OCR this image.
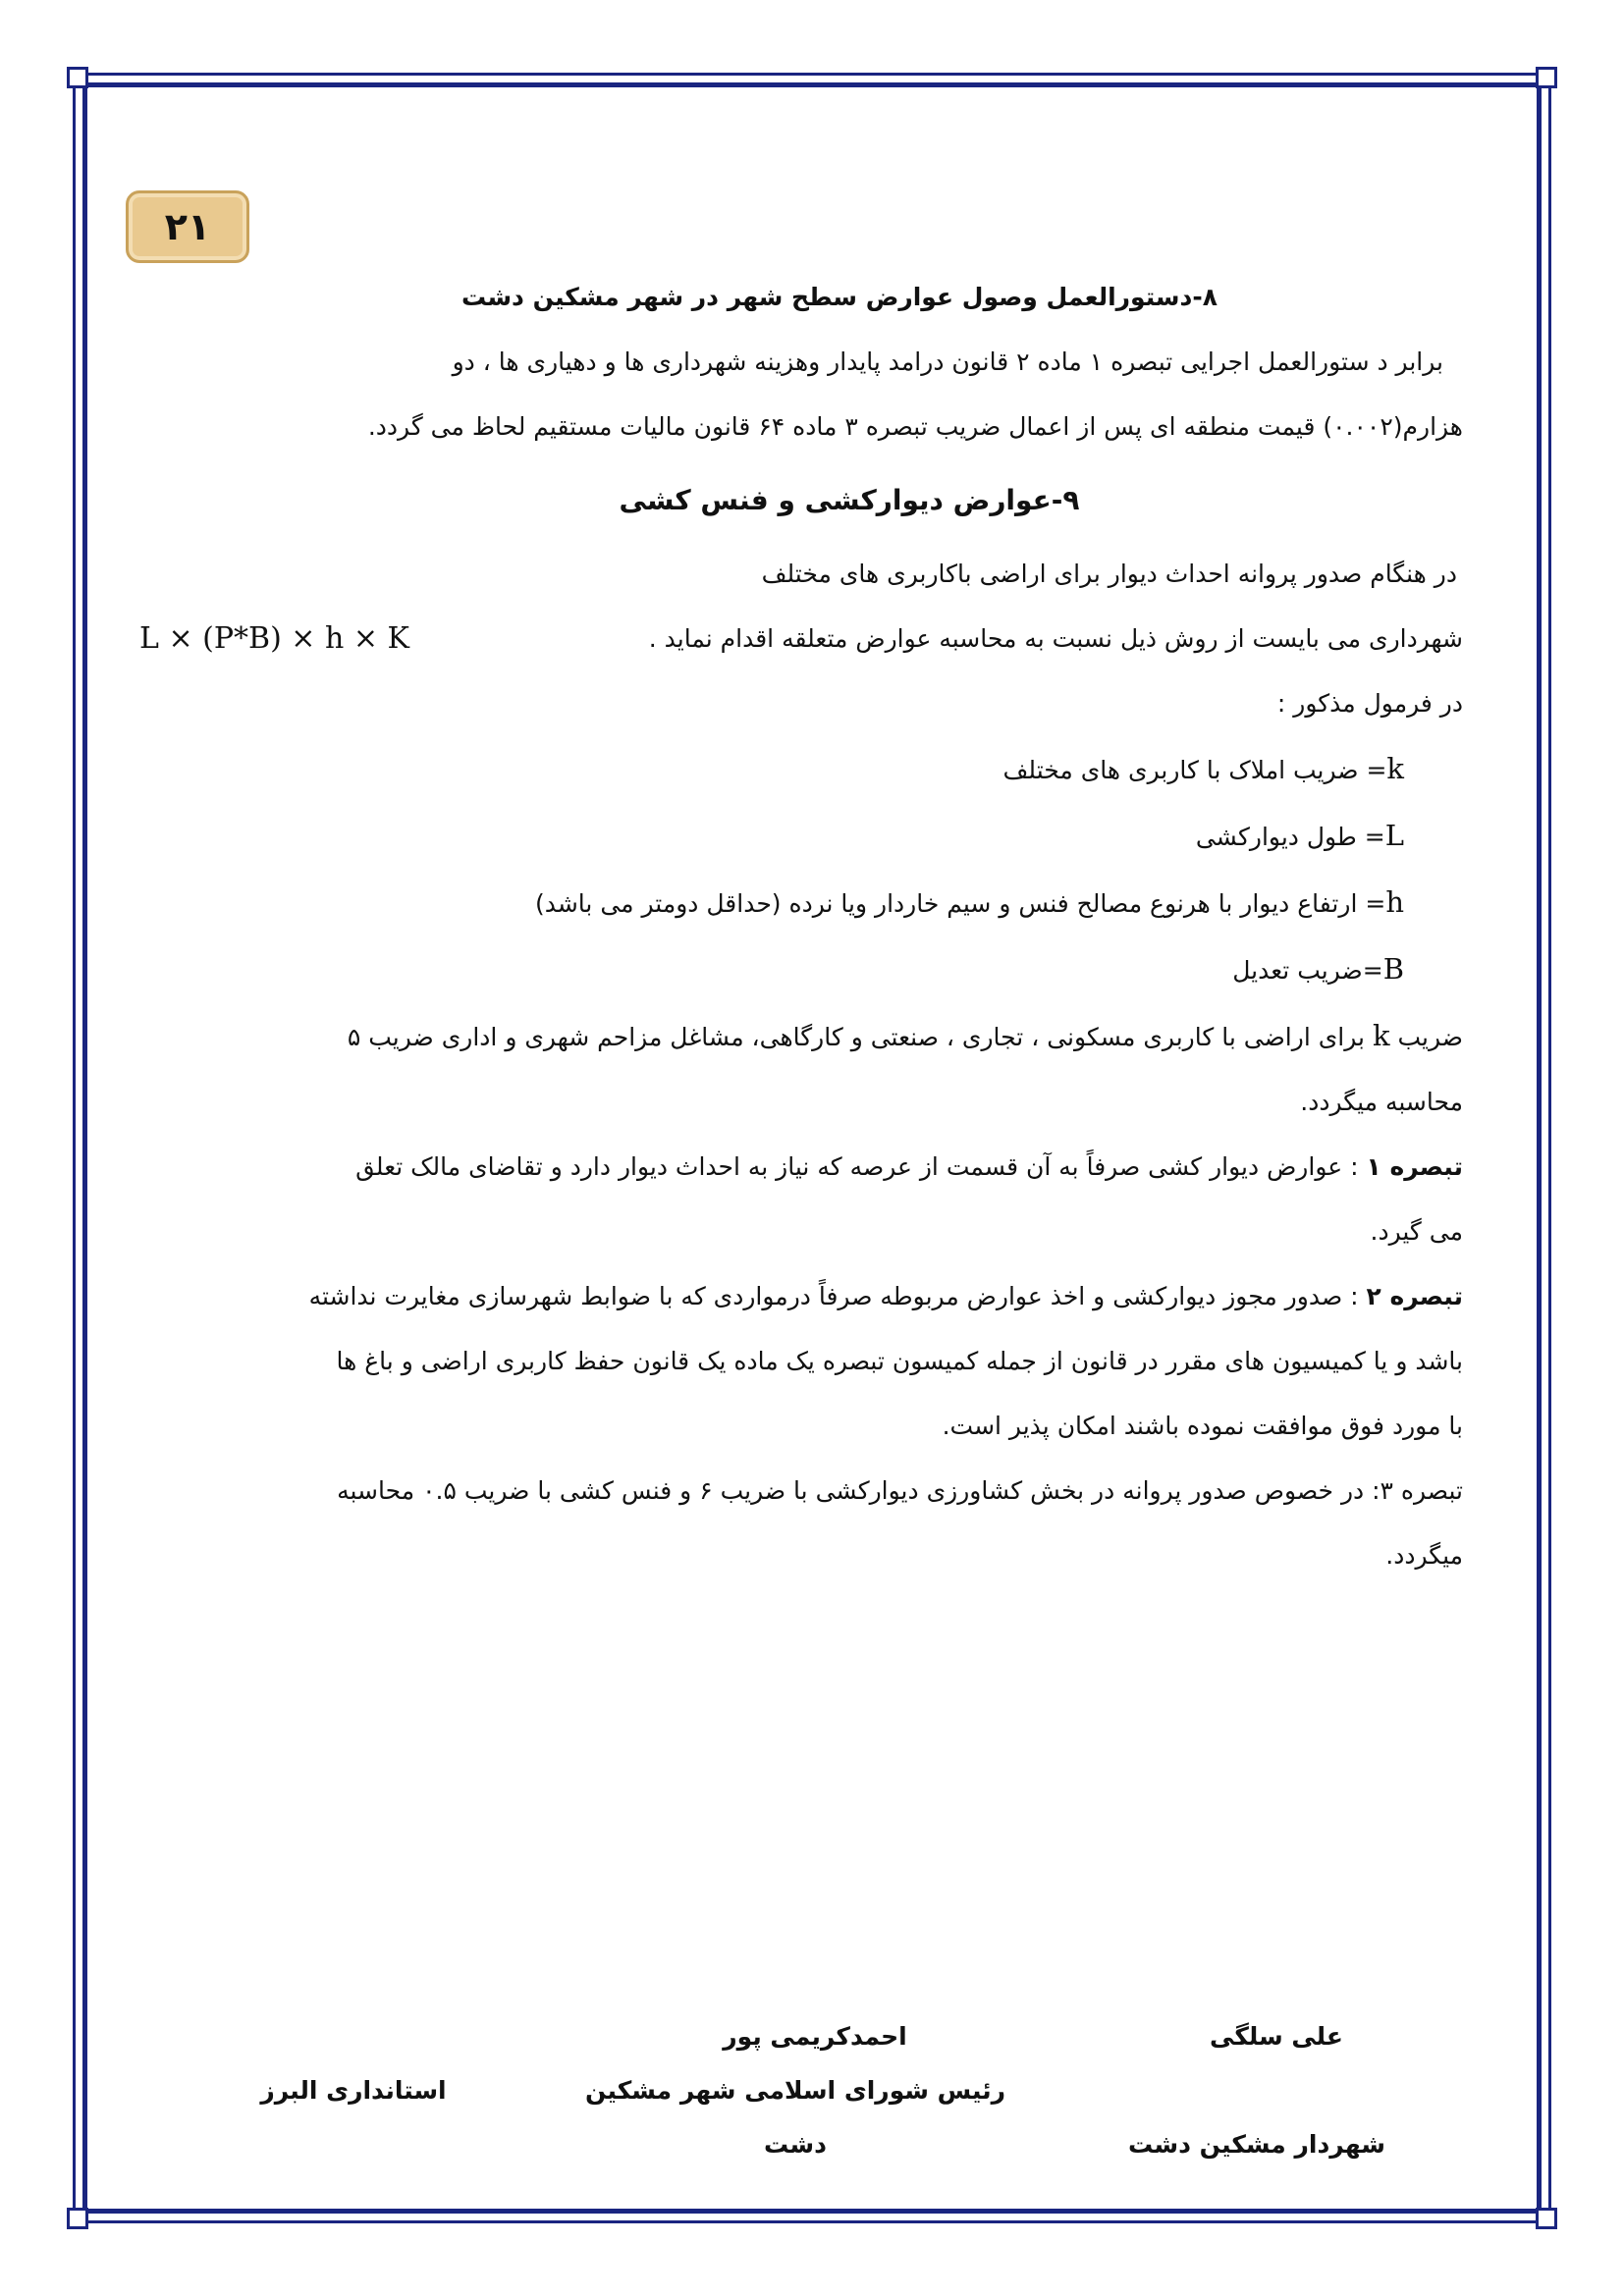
۲۱
۸-دستورالعمل وصول عوارض سطح شهر در شهر مشکین دشت
برابر د ستورالعمل اجرایی تبصره ۱ ماده ۲ قانون درامد پایدار وهزینه شهرداری ها و دهیاری ها ، دو
هزارم(۰.۰۰۲) قیمت منطقه ای پس از اعمال ضریب تبصره ۳ ماده ۶۴ قانون مالیات مستقیم لحاظ می گردد.
۹-عوارض دیوارکشی و فنس کشی
در هنگام صدور پروانه احداث دیوار برای اراضی باکاربری های مختلف
شهرداری می بایست از روش ذیل نسبت به محاسبه عوارض متعلقه اقدام نماید .
L × (P*B) × h × K
در فرمول مذکور :
k= ضریب املاک با کاربری های مختلف
L= طول دیوارکشی
h= ارتفاع دیوار با هرنوع مصالح فنس و سیم خاردار ویا نرده (حداقل دومتر می باشد)
B=ضریب تعدیل
ضریب k برای اراضی با کاربری مسکونی ، تجاری ، صنعتی و کارگاهی، مشاغل مزاحم شهری و اداری ضریب ۵
محاسبه میگردد.
تبصره ۱ : عوارض دیوار کشی صرفاً به آن قسمت از عرصه که نیاز به احداث دیوار دارد و تقاضای مالک تعلق
می گیرد.
تبصره ۲ : صدور مجوز دیوارکشی و اخذ عوارض مربوطه صرفاً درمواردی که با ضوابط شهرسازی مغایرت نداشته
باشد و یا کمیسیون های مقرر در قانون از جمله کمیسون تبصره یک ماده یک قانون حفظ کاربری اراضی و باغ ها
با مورد فوق موافقت نموده باشند امکان پذیر است.
تبصره ۳: در خصوص صدور پروانه در بخش کشاورزی دیوارکشی با ضریب ۶ و فنس کشی با ضریب ۰.۵ محاسبه
میگردد.
علی سلگی
شهردار مشکین دشت
احمدکریمی پور
رئیس شورای اسلامی شهر مشکین
دشت
استانداری البرز
